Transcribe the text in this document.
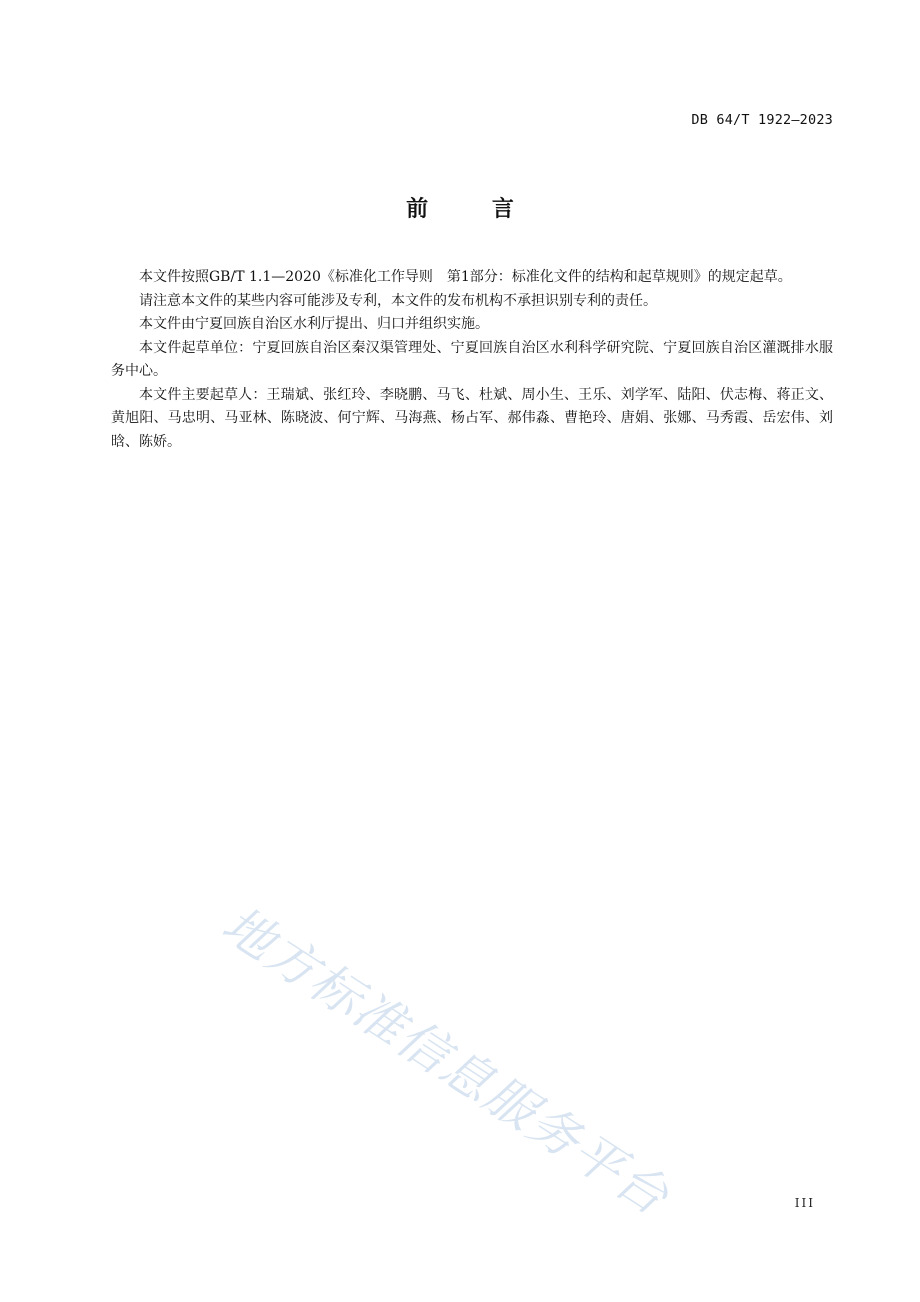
DB 64/T 1922—2023
前 言

本文件按照GB/T 1.1—2020《标准化工作导则　第1部分：标准化文件的结构和起草规则》的规定起草。

请注意本文件的某些内容可能涉及专利，本文件的发布机构不承担识别专利的责任。

本文件由宁夏回族自治区水利厅提出、归口并组织实施。

本文件起草单位：宁夏回族自治区秦汉渠管理处、宁夏回族自治区水利科学研究院、宁夏回族自治区灌溉排水服务中心。

本文件主要起草人：王瑞斌、张红玲、李晓鹏、马飞、杜斌、周小生、王乐、刘学军、陆阳、伏志梅、蒋正文、黄旭阳、马忠明、马亚林、陈晓波、何宁辉、马海燕、杨占军、郝伟淼、曹艳玲、唐娟、张娜、马秀霞、岳宏伟、刘晗、陈娇。

地方标准信息服务平台	III
